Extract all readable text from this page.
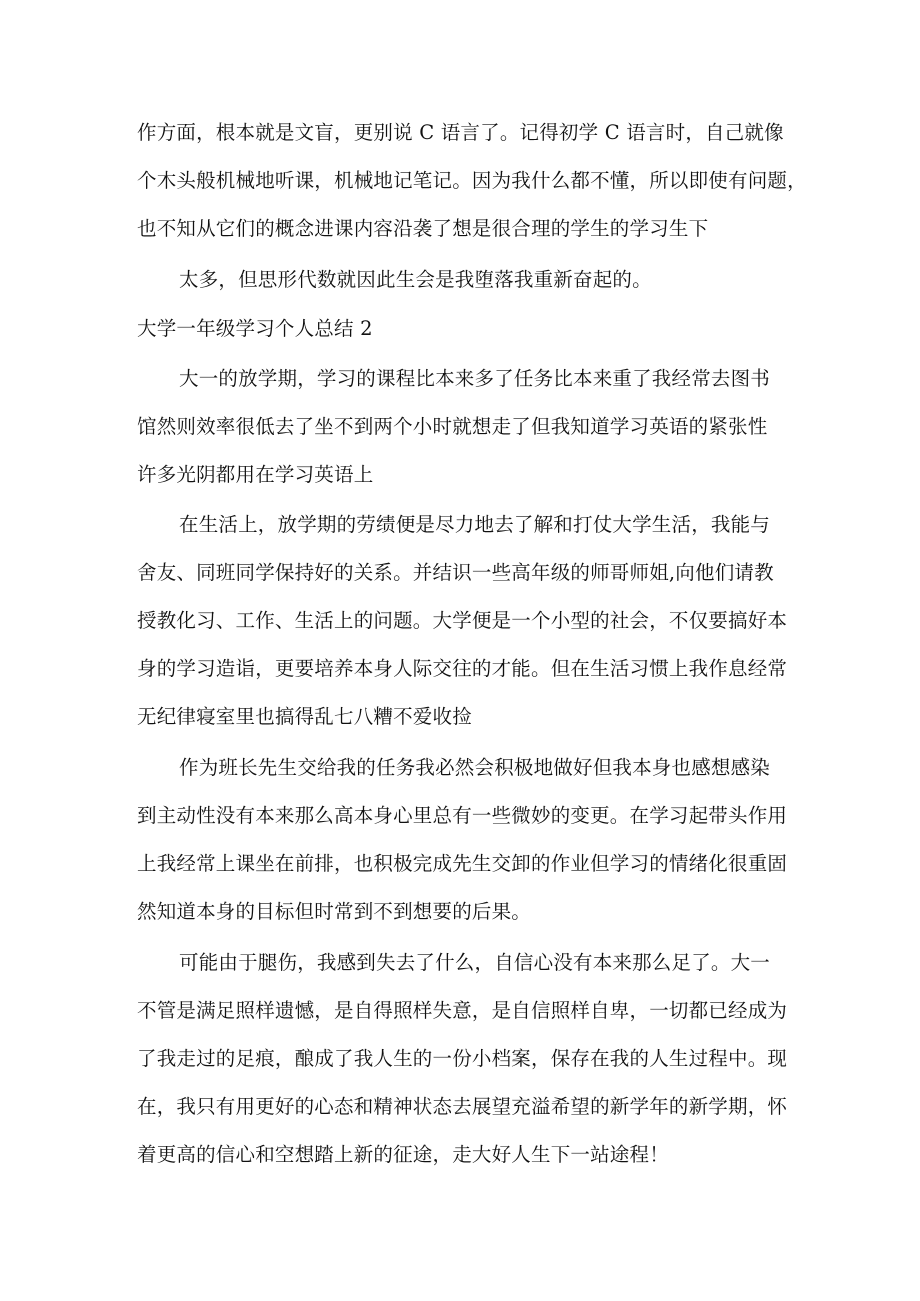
作方面，根本就是文盲，更别说 C 语言了。记得初学 C 语言时，自己就像
个木头般机械地听课，机械地记笔记。因为我什么都不懂，所以即使有问题，
也不知从它们的概念进课内容沿袭了想是很合理的学生的学习生下
太多，但思形代数就因此生会是我堕落我重新奋起的。
大学一年级学习个人总结 2
大一的放学期，学习的课程比本来多了任务比本来重了我经常去图书
馆然则效率很低去了坐不到两个小时就想走了但我知道学习英语的紧张性
许多光阴都用在学习英语上
在生活上，放学期的劳绩便是尽力地去了解和打仗大学生活，我能与
舍友、同班同学保持好的关系。并结识一些高年级的师哥师姐,向他们请教
授教化习、工作、生活上的问题。大学便是一个小型的社会，不仅要搞好本
身的学习造诣，更要培养本身人际交往的才能。但在生活习惯上我作息经常
无纪律寝室里也搞得乱七八糟不爱收捡
作为班长先生交给我的任务我必然会积极地做好但我本身也感想感染
到主动性没有本来那么高本身心里总有一些微妙的变更。在学习起带头作用
上我经常上课坐在前排，也积极完成先生交卸的作业但学习的情绪化很重固
然知道本身的目标但时常到不到想要的后果。
可能由于腿伤，我感到失去了什么，自信心没有本来那么足了。大一
不管是满足照样遗憾，是自得照样失意，是自信照样自卑，一切都已经成为
了我走过的足痕，酿成了我人生的一份小档案，保存在我的人生过程中。现
在，我只有用更好的心态和精神状态去展望充溢希望的新学年的新学期，怀
着更高的信心和空想踏上新的征途，走大好人生下一站途程！
